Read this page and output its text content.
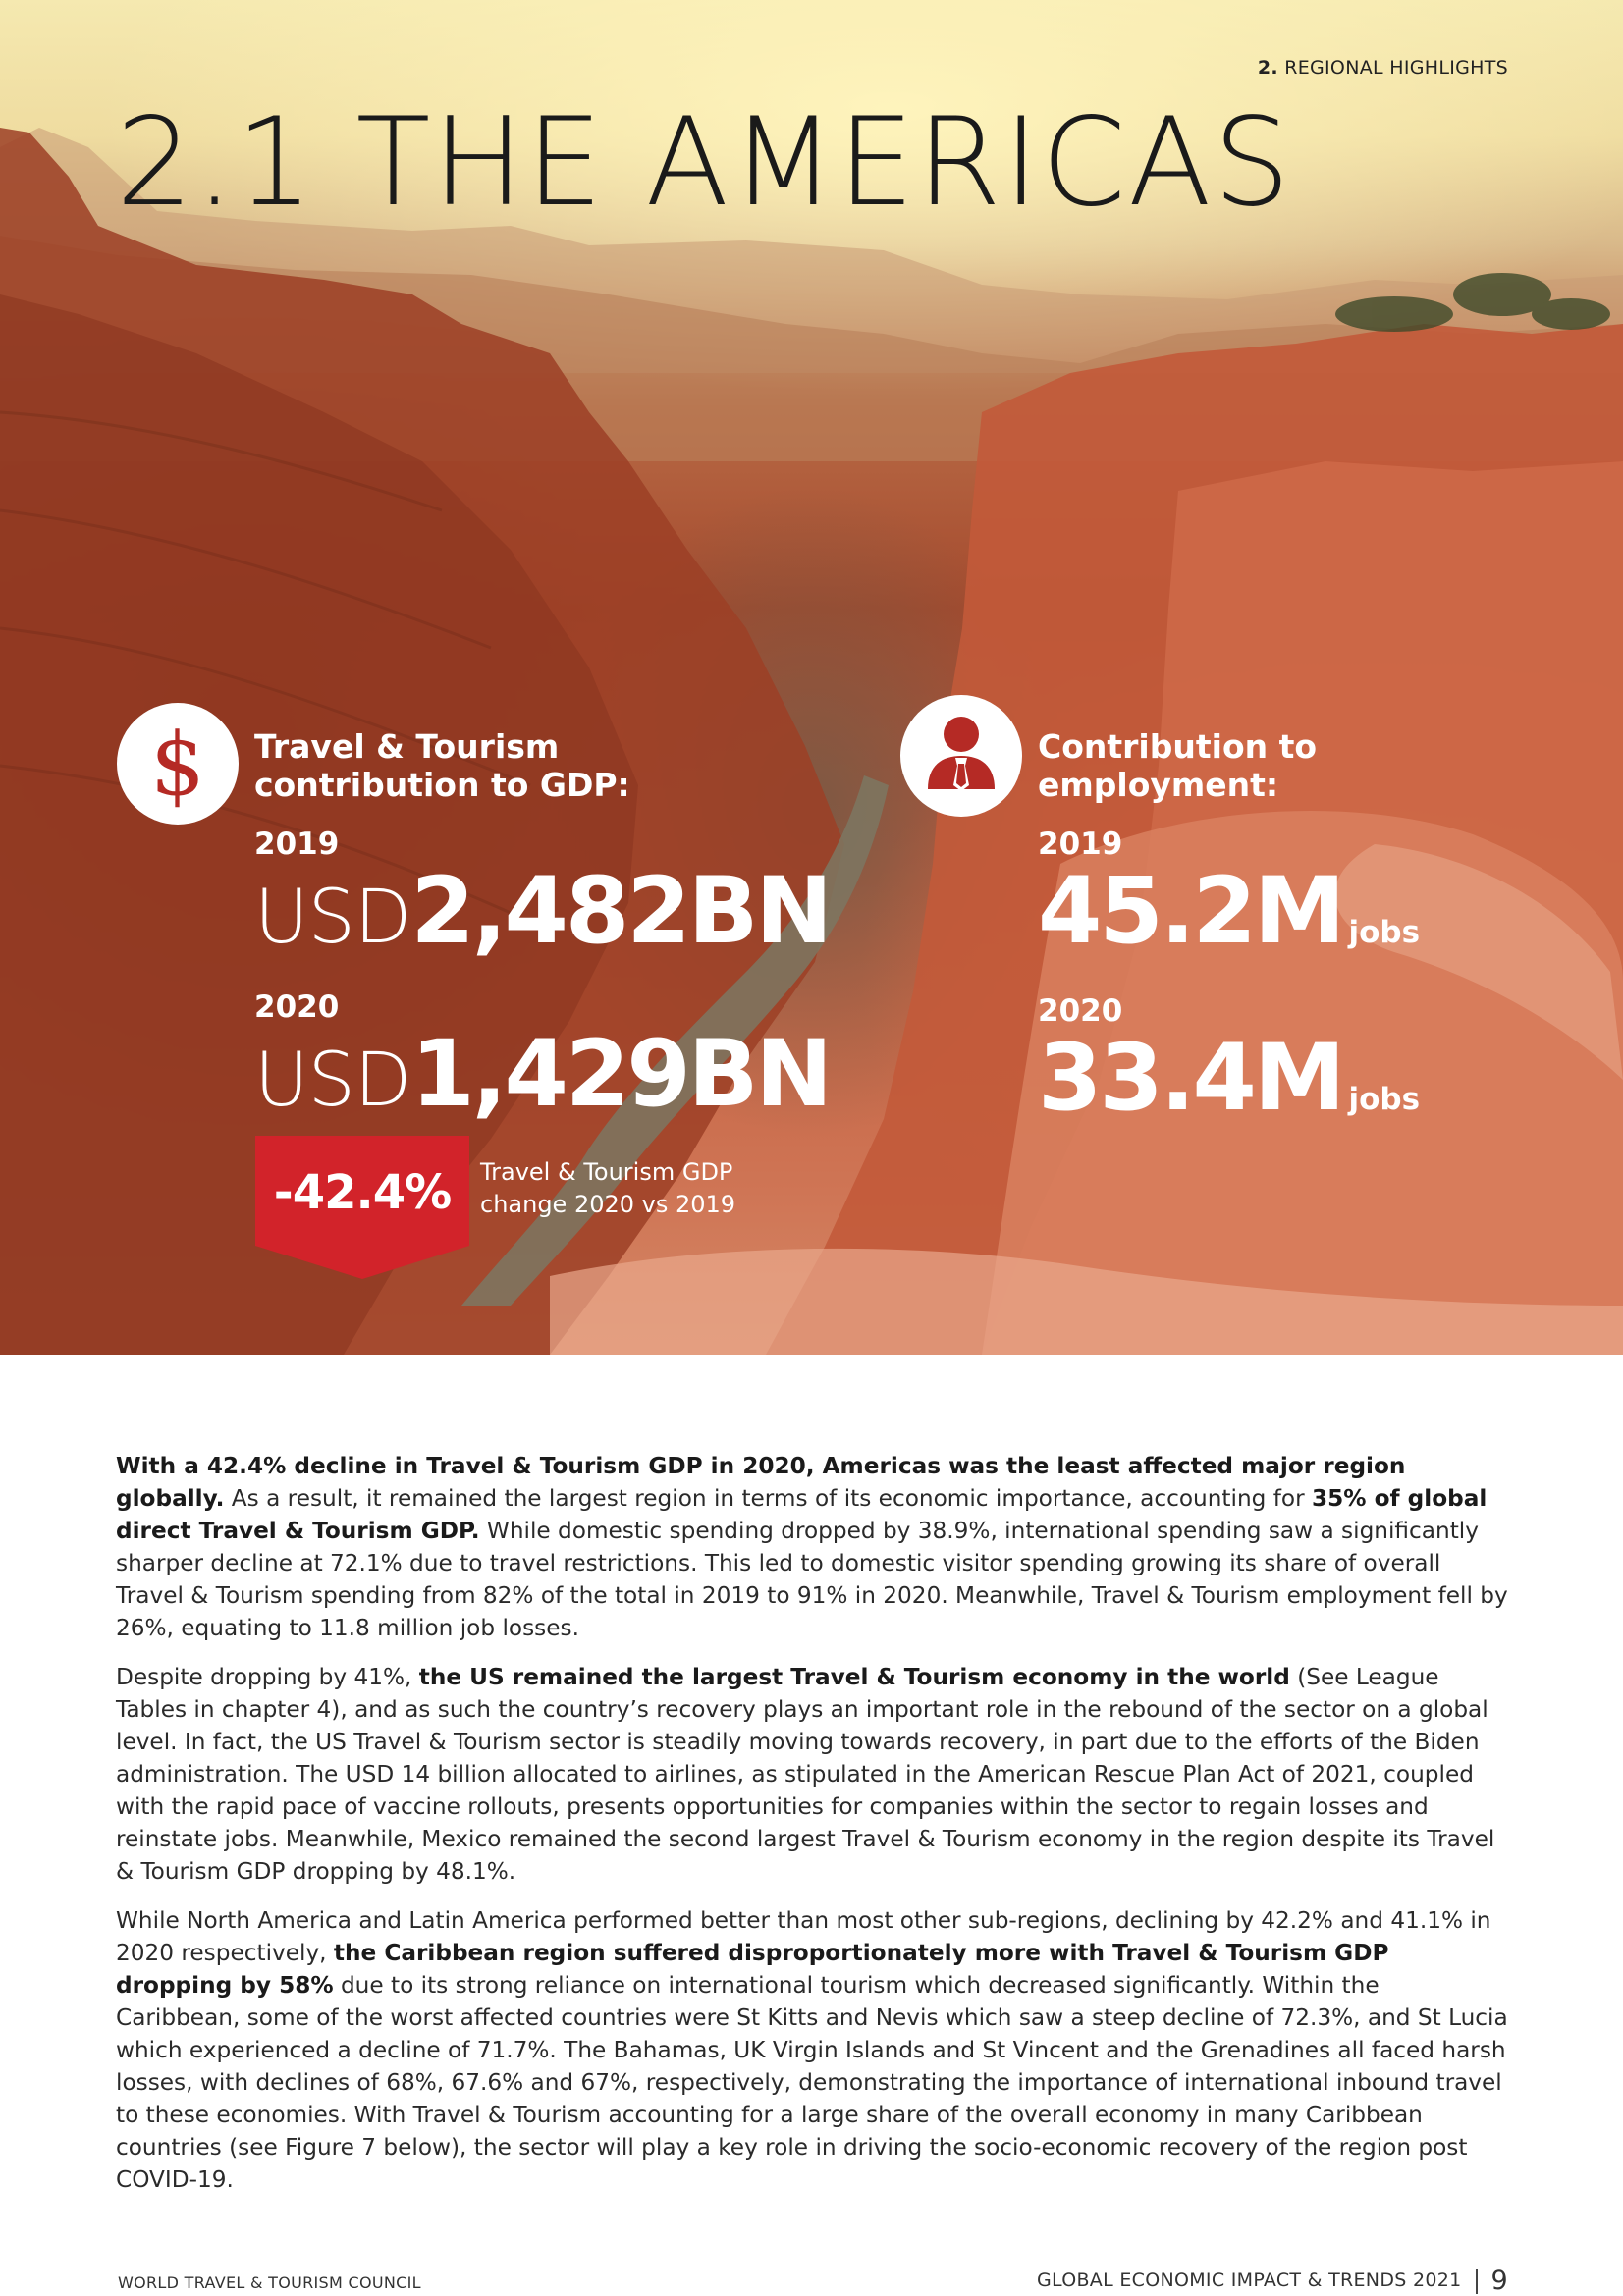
2. REGIONAL HIGHLIGHTS
2.1 THE AMERICAS
$ Travel & Tourism
contribution to GDP:
2019
USD2,482BN
2020
USD1,429BN
-42.4%	Travel & Tourism GDP
change 2020 vs 2019
Contribution to
employment:
2019
45.2M jobs
2020
33.4M jobs

With a 42.4% decline in Travel & Tourism GDP in 2020, Americas was the least affected major region globally. As a result, it remained the largest region in terms of its economic importance, accounting for 35% of global direct Travel & Tourism GDP. While domestic spending dropped by 38.9%, international spending saw a significantly sharper decline at 72.1% due to travel restrictions. This led to domestic visitor spending growing its share of overall Travel & Tourism spending from 82% of the total in 2019 to 91% in 2020. Meanwhile, Travel & Tourism employment fell by 26%, equating to 11.8 million job losses.

Despite dropping by 41%, the US remained the largest Travel & Tourism economy in the world (See League Tables in chapter 4), and as such the country’s recovery plays an important role in the rebound of the sector on a global level. In fact, the US Travel & Tourism sector is steadily moving towards recovery, in part due to the efforts of the Biden administration. The USD 14 billion allocated to airlines, as stipulated in the American Rescue Plan Act of 2021, coupled with the rapid pace of vaccine rollouts, presents opportunities for companies within the sector to regain losses and reinstate jobs. Meanwhile, Mexico remained the second largest Travel & Tourism economy in the region despite its Travel & Tourism GDP dropping by 48.1%.

While North America and Latin America performed better than most other sub-regions, declining by 42.2% and 41.1% in 2020 respectively, the Caribbean region suffered disproportionately more with Travel & Tourism GDP dropping by 58% due to its strong reliance on international tourism which decreased significantly. Within the Caribbean, some of the worst affected countries were St Kitts and Nevis which saw a steep decline of 72.3%, and St Lucia which experienced a decline of 71.7%. The Bahamas, UK Virgin Islands and St Vincent and the Grenadines all faced harsh losses, with declines of 68%, 67.6% and 67%, respectively, demonstrating the importance of international inbound travel to these economies. With Travel & Tourism accounting for a large share of the overall economy in many Caribbean countries (see Figure 7 below), the sector will play a key role in driving the socio-economic recovery of the region post COVID-19.

WORLD TRAVEL & TOURISM COUNCIL	GLOBAL ECONOMIC IMPACT & TRENDS 2021 9
